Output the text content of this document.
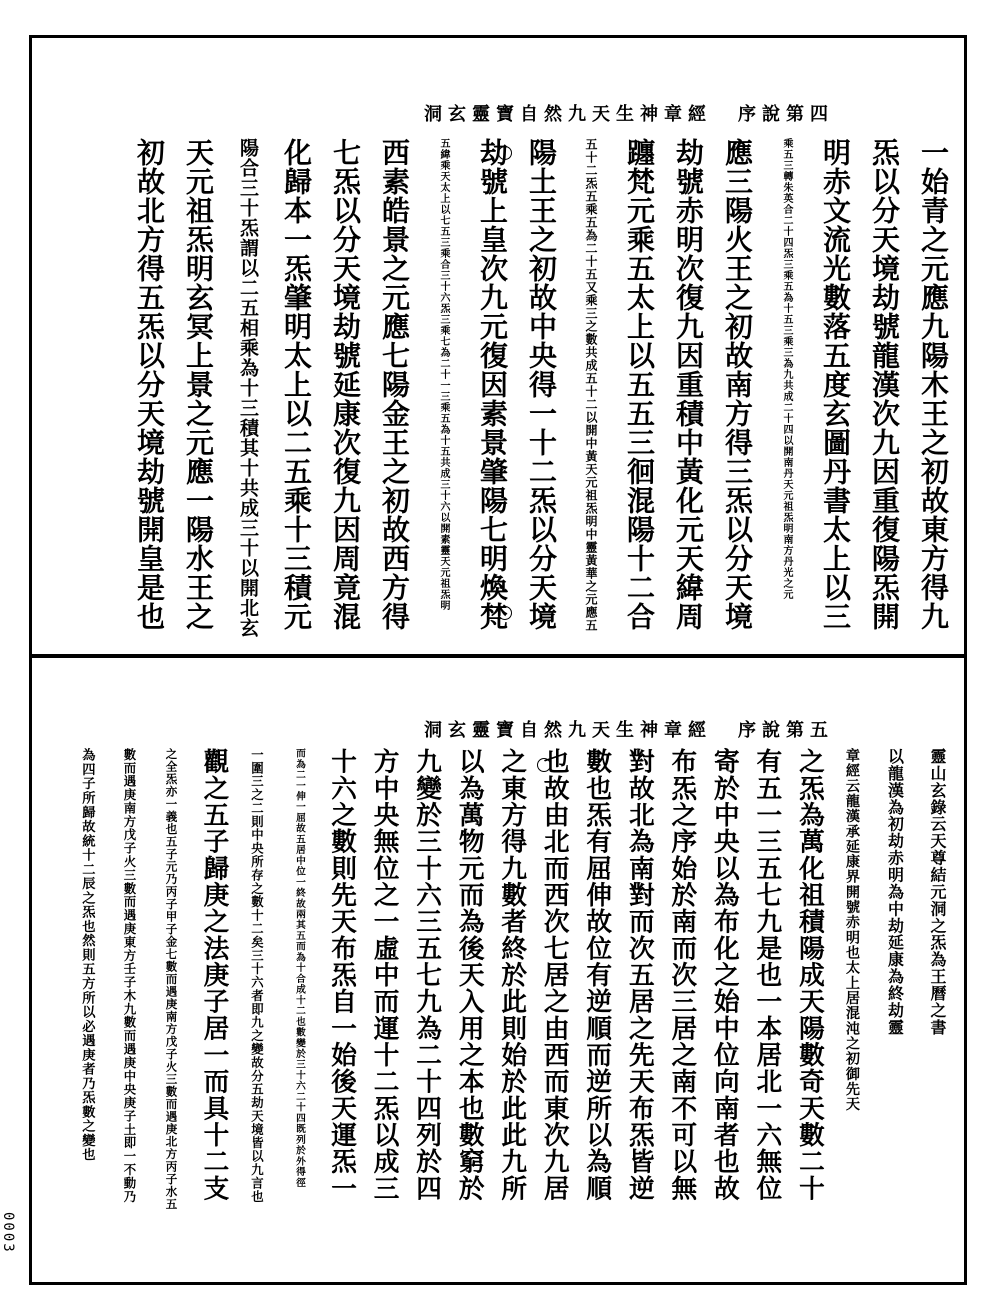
洞玄靈寶自然九天生神章經 序說第四
一始青之元應九陽木王之初故東方得九
炁以分天境劫號龍漢次九因重復陽炁開
明赤文流光數落五度玄圖丹書太上以三
乘五三轉朱英合二十四炁三乘五為十五三乘三為九共成二十四以開南丹天元祖炁明南方丹光之元
應三陽火王之初故南方得三炁以分天境
劫號赤明次復九因重積中黃化元天緯周
躔梵元乘五太上以五五三徊混陽十二合
五十二炁五乘五為二十五又乘三之數共成五十二以開中黃天元祖炁明中靈黃華之元應五
陽土王之初故中央得一十二炁以分天境
劫號上皇次九元復因素景肇陽七明煥梵
五緯乘天太上以七五三乘合三十六炁三乘七為二十一三乘五為十五共成三十六以開素靈天元祖炁明
西素皓景之元應七陽金王之初故西方得
七炁以分天境劫號延康次復九因周竟混
化歸本一炁肇明太上以二五乘十三積元
陽合三十炁謂以二五相乘為十三積其十共成三十以開北玄
天元祖炁明玄冥上景之元應一陽水王之
初故北方得五炁以分天境劫號開皇是也
洞玄靈寶自然九天生神章經 序說第五
靈山玄錄云天尊結元洞之炁為王曆之書
以龍漢為初劫赤明為中劫延康為終劫靈
章經云龍漢承延康界開號赤明也太上居混沌之初御先天
之炁為萬化祖積陽成天陽數奇天數二十
有五一三五七九是也一本居北一六無位
寄於中央以為布化之始中位向南者也故
布炁之序始於南而次三居之南不可以無
對故北為南對而次五居之先天布炁皆逆
數也炁有屈伸故位有逆順而逆所以為順
也故由北而西次七居之由西而東次九居
之東方得九數者終於此則始於此此九所
以為萬物元而為後天入用之本也數窮於
九變於三十六三五七九為二十四列於四
方中央無位之一虛中而運十二炁以成三
十六之數則先天布炁自一始後天運炁一
而為二一伸一屈故五居中位一終故兩其五而為十合成十二也數變於三十六二十四既列於外得徑
一圍三之二則中央所存之數十二矣三十六者即九之變故分五劫天境皆以九言也
觀之五子歸庚之法庚子居一而具十二支
之全炁亦一義也五子元乃丙子甲子金七數而遇庚南方戊子火三數而遇庚北方丙子水五
數而遇庚南方戊子火三數而遇庚東方壬子木九數而遇庚中央庚子土即一不動乃
為四子所歸故統十二辰之炁也然則五方所以必遇庚者乃炁數之變也
0003
